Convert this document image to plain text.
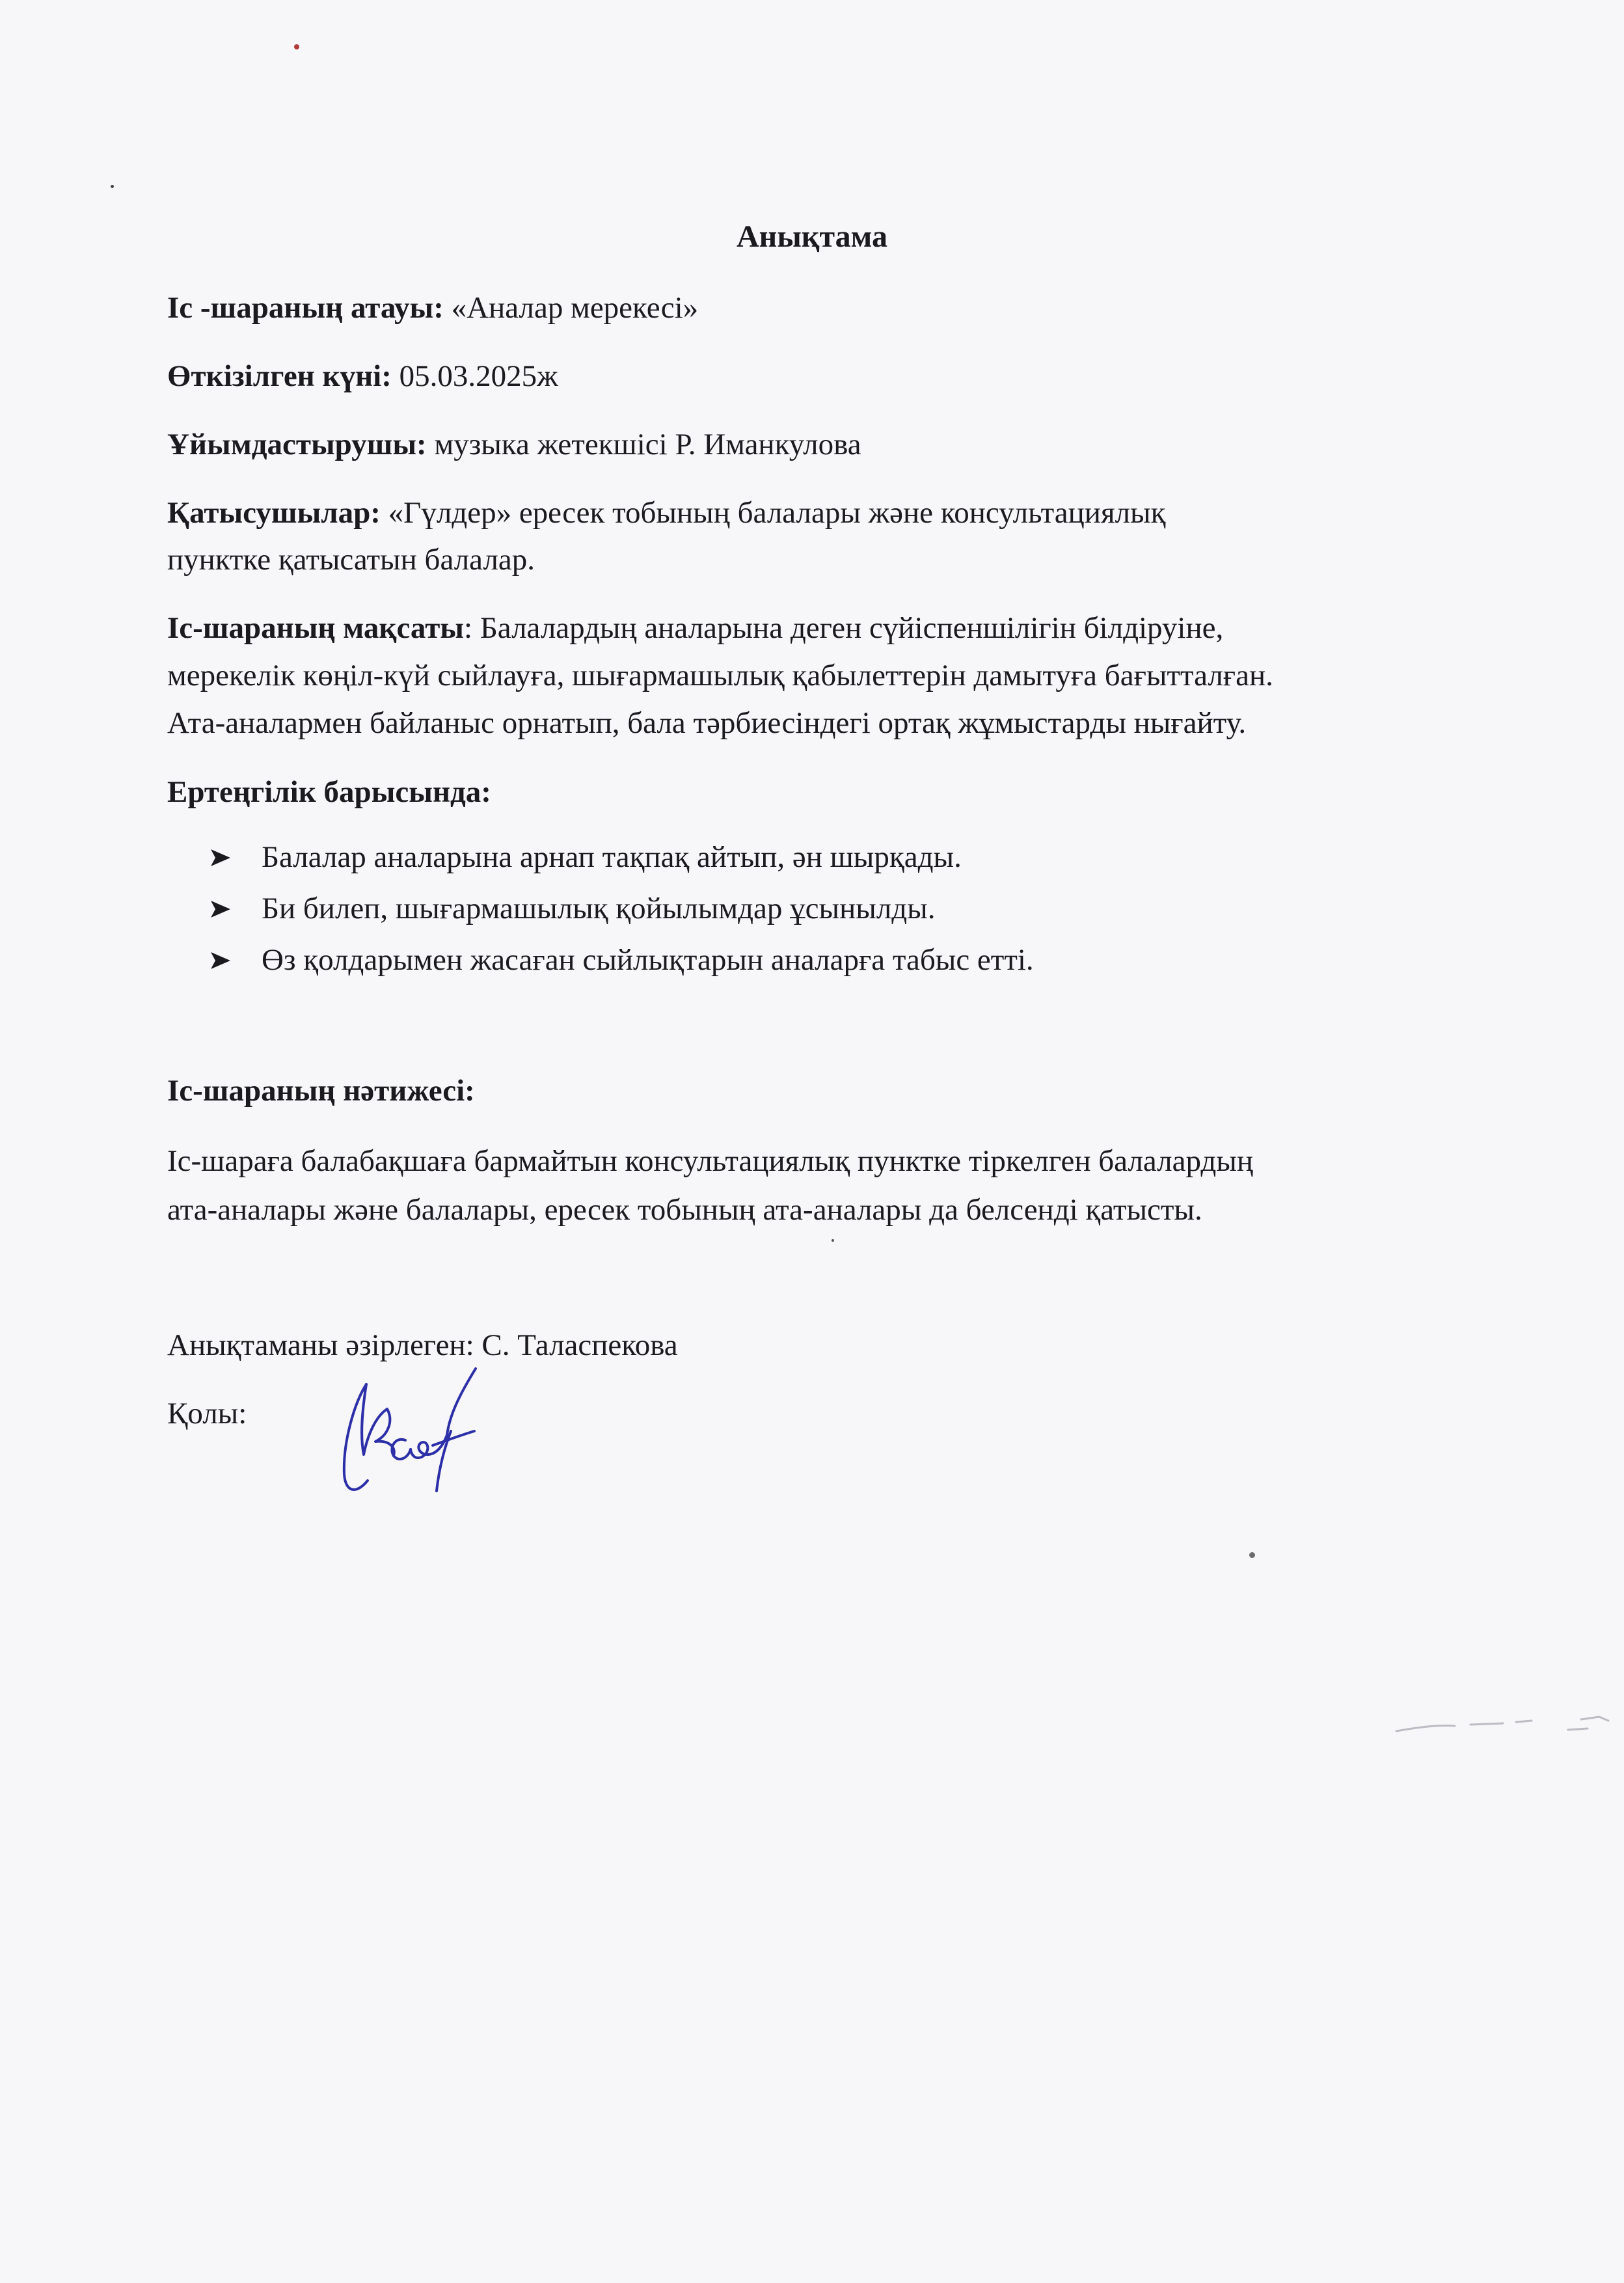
Анықтама
Іс -шараның атауы: «Аналар мерекесі»
Өткізілген күні: 05.03.2025ж
Ұйымдастырушы: музыка жетекшісі Р. Иманкулова
Қатысушылар: «Гүлдер» ересек тобының балалары және консультациялық
пунктке қатысатын балалар.
Іс-шараның мақсаты: Балалардың аналарына деген сүйіспеншілігін білдіруіне,
мерекелік көңіл-күй сыйлауға, шығармашылық қабылеттерін дамытуға бағытталған.
Ата-аналармен байланыс орнатып, бала тәрбиесіндегі ортақ жұмыстарды нығайту.
Ертеңгілік барысында:
Балалар аналарына арнап тақпақ айтып, ән шырқады.
Би билеп, шығармашылық қойылымдар ұсынылды.
Өз қолдарымен жасаған сыйлықтарын аналарға табыс етті.
Іс-шараның нәтижесі:
Іс-шараға балабақшаға бармайтын консультациялық пунктке тіркелген балалардың
ата-аналары және балалары, ересек тобының ата-аналары да белсенді қатысты.
Анықтаманы әзірлеген: С. Таласпекова
Қолы:
